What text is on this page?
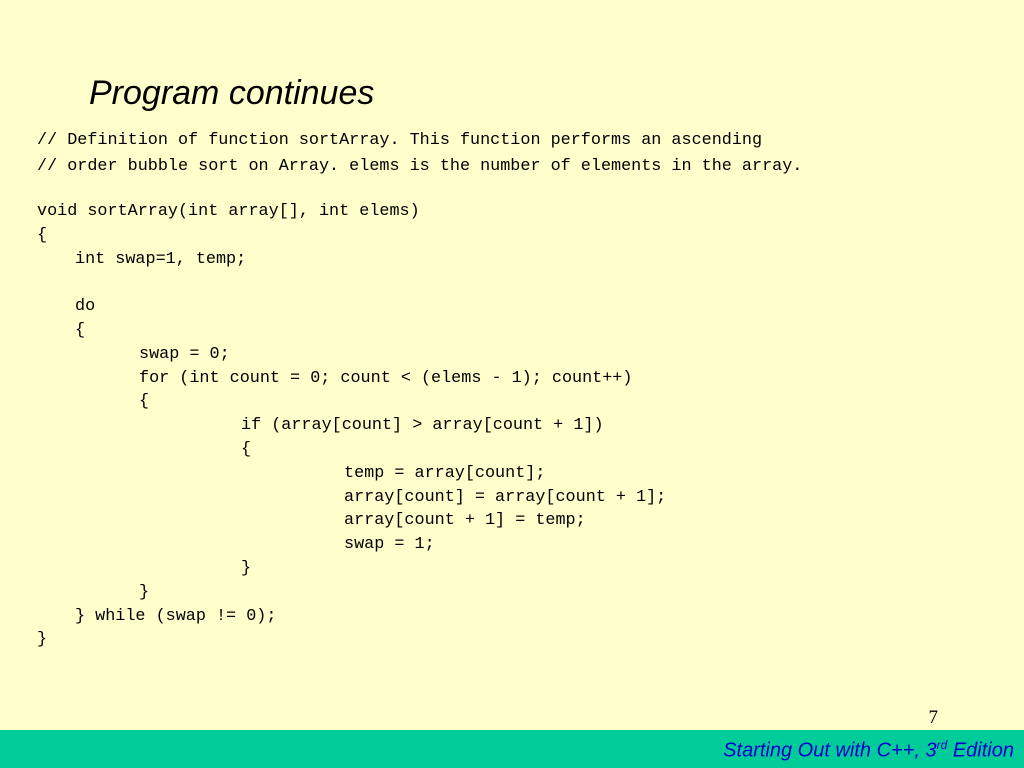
Program continues
// Definition of function sortArray. This function performs an ascending
// order bubble sort on Array. elems is the number of elements in the array.
void sortArray(int array[], int elems)
{
int swap=1, temp;
do
{
swap = 0;
for (int count = 0; count < (elems - 1); count++)
{
if (array[count] > array[count + 1])
{
temp = array[count];
array[count] = array[count + 1];
array[count + 1] = temp;
swap = 1;
}
}
} while (swap != 0);
}
7
Starting Out with C++, 3rd Edition
